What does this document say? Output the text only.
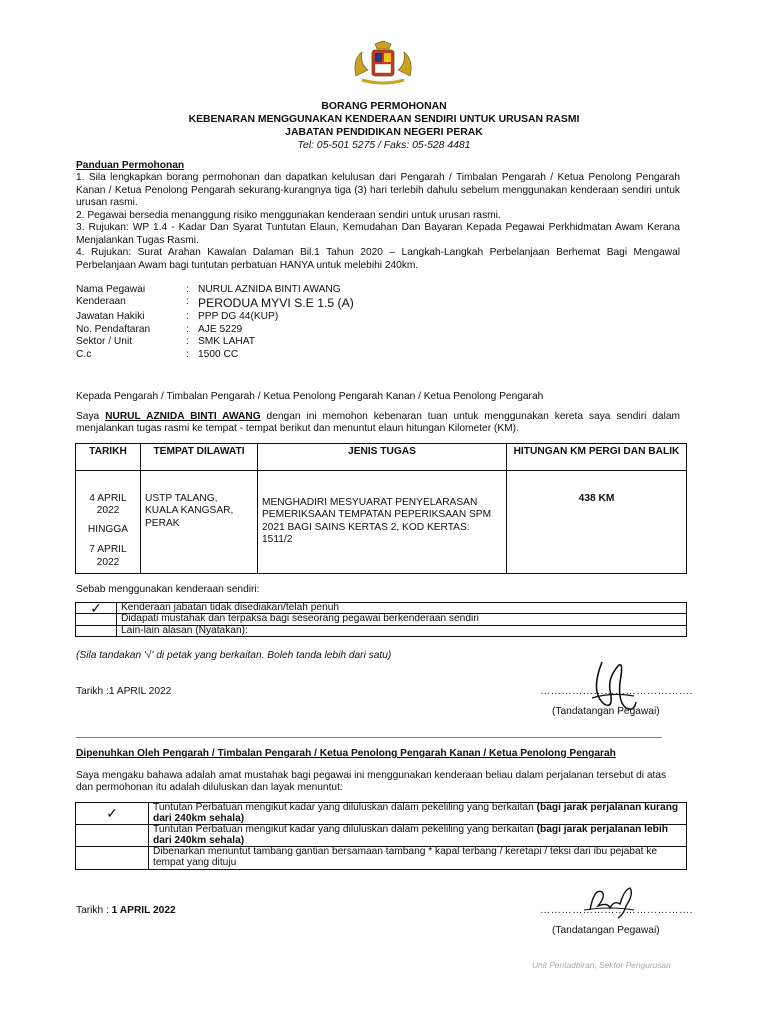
BORANG PERMOHONAN
KEBENARAN MENGGUNAKAN KENDERAAN SENDIRI UNTUK URUSAN RASMI
JABATAN PENDIDIKAN NEGERI PERAK
Tel: 05-501 5275 / Faks: 05-528 4481
Panduan Permohonan

1. Sila lengkapkan borang permohonan dan dapatkan kelulusan dari Pengarah / Timbalan Pengarah / Ketua Penolong Pengarah Kanan / Ketua Penolong Pengarah sekurang-kurangnya tiga (3) hari terlebih dahulu sebelum menggunakan kenderaan sendiri untuk urusan rasmi.

2. Pegawai bersedia menanggung risiko menggunakan kenderaan sendiri untuk urusan rasmi.

3. Rujukan: WP 1.4 - Kadar Dan Syarat Tuntutan Elaun, Kemudahan Dan Bayaran Kepada Pegawai Perkhidmatan Awam Kerana Menjalankan Tugas Rasmi.

4. Rujukan: Surat Arahan Kawalan Dalaman Bil.1 Tahun 2020 – Langkah-Langkah Perbelanjaan Berhemat Bagi Mengawal Perbelanjaan Awam bagi tuntutan perbatuan HANYA untuk melebihi 240km.

Nama Pegawai	: NURUL AZNIDA BINTI AWANG
Kenderaan	: PERODUA MYVI S.E 1.5 (A)
Jawatan Hakiki	: PPP DG 44(KUP)
No. Pendaftaran	: AJE 5229
Sektor / Unit	: SMK LAHAT
C.c	: 1500 CC
Kepada Pengarah / Timbalan Pengarah / Ketua Penolong Pengarah Kanan / Ketua Penolong Pengarah
Saya NURUL AZNIDA BINTI AWANG dengan ini memohon kebenaran tuan untuk menggunakan kereta saya sendiri dalam menjalankan tugas rasmi ke tempat - tempat berikut dan menuntut elaun hitungan Kilometer (KM).
TARIKH	TEMPAT DILAWATI	JENIS TUGAS	HITUNGAN KM PERGI DAN BALIK

4 APRIL 2022
HINGGA
7 APRIL 2022	USTP TALANG, KUALA KANGSAR, PERAK	MENGHADIRI MESYUARAT PENYELARASAN PEMERIKSAAN TEMPATAN PEPERIKSAAN SPM 2021 BAGI SAINS KERTAS 2, KOD KERTAS: 1511/2	438 KM
Sebab menggunakan kenderaan sendiri:
✓	Kenderaan jabatan tidak disediakan/telah penuh
	Didapati mustahak dan terpaksa bagi seseorang pegawai berkenderaan sendiri
	Lain-lain alasan (Nyatakan):
(Sila tandakan '√' di petak yang berkaitan. Boleh tanda lebih dari satu)
Tarikh :1 APRIL 2022	…………………………………….
(Tandatangan Pegawai)
Dipenuhkan Oleh Pengarah / Timbalan Pengarah / Ketua Penolong Pengarah Kanan / Ketua Penolong Pengarah
Saya mengaku bahawa adalah amat mustahak bagi pegawai ini menggunakan kenderaan beliau dalam perjalanan tersebut di atas dan permohonan itu adalah diluluskan dan layak menuntut:
✓	Tuntutan Perbatuan mengikut kadar yang diluluskan dalam pekeliling yang berkaitan (bagi jarak perjalanan kurang dari 240km sehala)
	Tuntutan Perbatuan mengikut kadar yang diluluskan dalam pekeliling yang berkaitan (bagi jarak perjalanan lebih dari 240km sehala)
	Dibenarkan menuntut tambang gantian bersamaan tambang * kapal terbang / keretapi / teksi dari ibu pejabat ke tempat yang dituju
Tarikh : 1 APRIL 2022	…………………………………….
(Tandatangan Pegawai)
Unit Pentadbiran, Sektor Pengurusan
